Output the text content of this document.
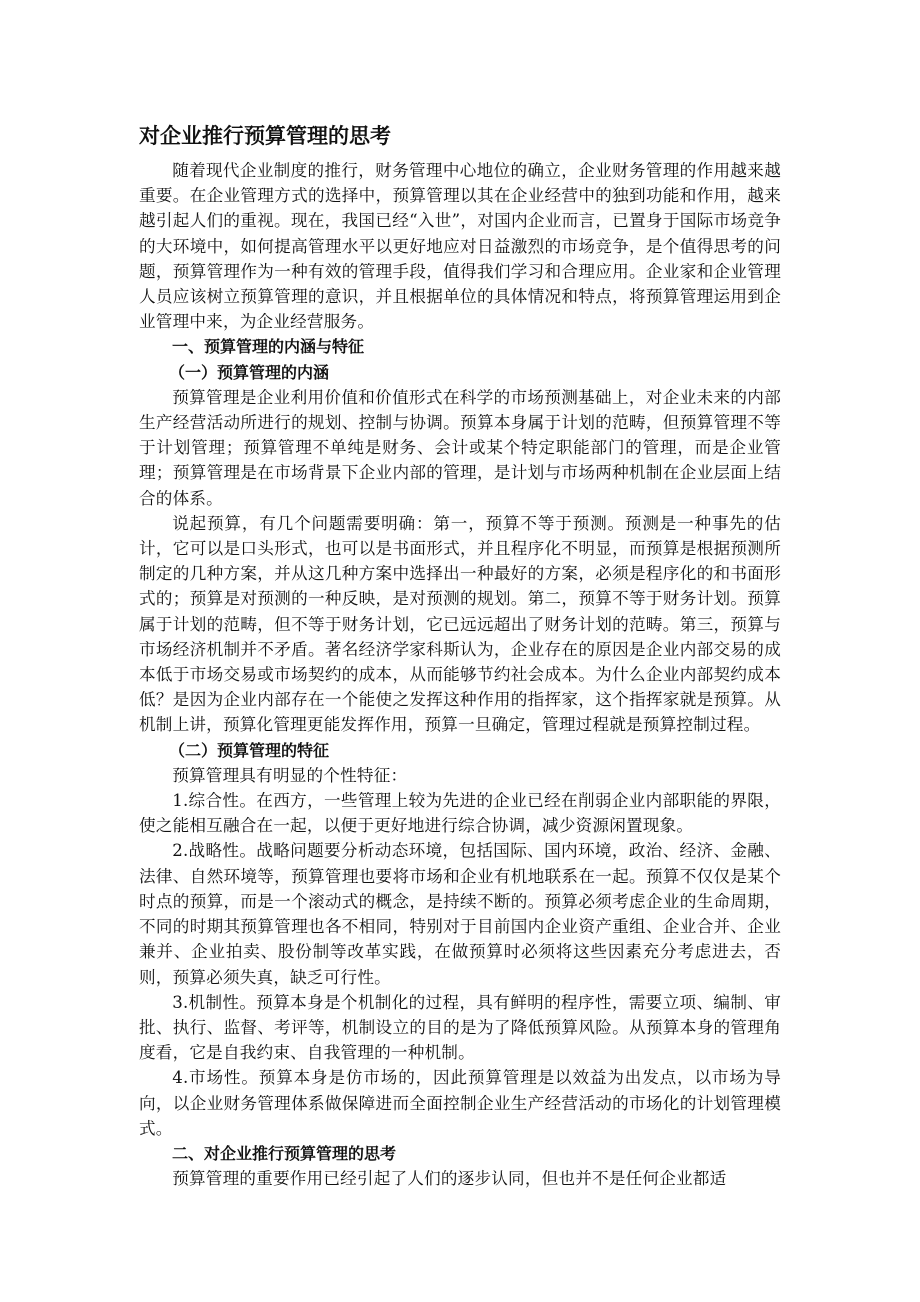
对企业推行预算管理的思考

随着现代企业制度的推行，财务管理中心地位的确立，企业财务管理的作用越来越重要。在企业管理方式的选择中，预算管理以其在企业经营中的独到功能和作用，越来越引起人们的重视。现在，我国已经“入世”，对国内企业而言，已置身于国际市场竞争的大环境中，如何提高管理水平以更好地应对日益激烈的市场竞争，是个值得思考的问题，预算管理作为一种有效的管理手段，值得我们学习和合理应用。企业家和企业管理人员应该树立预算管理的意识，并且根据单位的具体情况和特点，将预算管理运用到企业管理中来，为企业经营服务。

一、预算管理的内涵与特征
（一）预算管理的内涵

预算管理是企业利用价值和价值形式在科学的市场预测基础上，对企业未来的内部生产经营活动所进行的规划、控制与协调。预算本身属于计划的范畴，但预算管理不等于计划管理；预算管理不单纯是财务、会计或某个特定职能部门的管理，而是企业管理；预算管理是在市场背景下企业内部的管理，是计划与市场两种机制在企业层面上结合的体系。

说起预算，有几个问题需要明确：第一，预算不等于预测。预测是一种事先的估计，它可以是口头形式，也可以是书面形式，并且程序化不明显，而预算是根据预测所制定的几种方案，并从这几种方案中选择出一种最好的方案，必须是程序化的和书面形式的；预算是对预测的一种反映，是对预测的规划。第二，预算不等于财务计划。预算属于计划的范畴，但不等于财务计划，它已远远超出了财务计划的范畴。第三，预算与市场经济机制并不矛盾。著名经济学家科斯认为，企业存在的原因是企业内部交易的成本低于市场交易或市场契约的成本，从而能够节约社会成本。为什么企业内部契约成本低？是因为企业内部存在一个能使之发挥这种作用的指挥家，这个指挥家就是预算。从机制上讲，预算化管理更能发挥作用，预算一旦确定，管理过程就是预算控制过程。

（二）预算管理的特征

预算管理具有明显的个性特征：

1.综合性。在西方，一些管理上较为先进的企业已经在削弱企业内部职能的界限，使之能相互融合在一起，以便于更好地进行综合协调，减少资源闲置现象。

2.战略性。战略问题要分析动态环境，包括国际、国内环境，政治、经济、金融、法律、自然环境等，预算管理也要将市场和企业有机地联系在一起。预算不仅仅是某个时点的预算，而是一个滚动式的概念，是持续不断的。预算必须考虑企业的生命周期，不同的时期其预算管理也各不相同，特别对于目前国内企业资产重组、企业合并、企业兼并、企业拍卖、股份制等改革实践，在做预算时必须将这些因素充分考虑进去，否则，预算必须失真，缺乏可行性。

3.机制性。预算本身是个机制化的过程，具有鲜明的程序性，需要立项、编制、审批、执行、监督、考评等，机制设立的目的是为了降低预算风险。从预算本身的管理角度看，它是自我约束、自我管理的一种机制。

4.市场性。预算本身是仿市场的，因此预算管理是以效益为出发点，以市场为导向，以企业财务管理体系做保障进而全面控制企业生产经营活动的市场化的计划管理模式。

二、对企业推行预算管理的思考

预算管理的重要作用已经引起了人们的逐步认同，但也并不是任何企业都适
